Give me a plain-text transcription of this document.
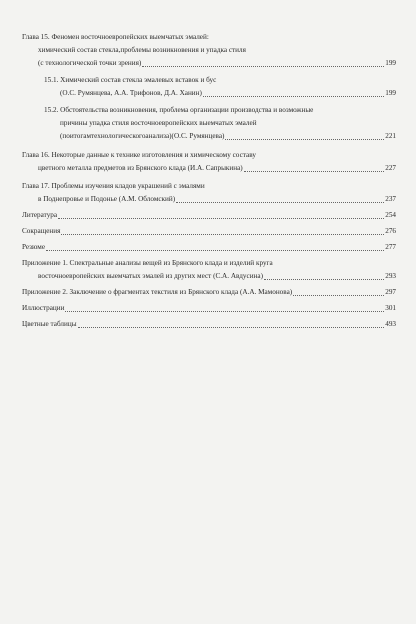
Глава 15. Феномен восточноевропейских выемчатых эмалей:
химический состав стекла,проблемы возникновения и упадка стиля
(с технологической точки зрения)	199
15.1. Химический состав стекла эмалевых вставок и бус
(О.С. Румянцева, А.А. Трифонов, Д.А. Ханин)	199
15.2. Обстоятельства возникновения, проблема организации производства и возможные
причины упадка стиля восточноевропейских выемчатых эмалей
(поитогамтехнологическогоанализа)(О.С. Румянцева)	221
Глава 16. Некоторые данные к технике изготовления и химическому составу
цветного металла предметов из Брянского клада (И.А. Сапрыкина)	227
Глава 17. Проблемы изучения кладов украшений с эмалями
в Поднепровье и Подонье (А.М. Обломский)	237
Литература	254
Сокращения	276
Резюме	277
Приложение 1. Спектральные анализы вещей из Брянского клада и изделий круга
восточноевропейских выемчатых эмалей из других мест (С.А. Авдусина)	293
Приложение 2. Заключение о фрагментах текстиля из Брянского клада (А.А. Мамонова)	297
Иллюстрации	301
Цветные таблицы	493
